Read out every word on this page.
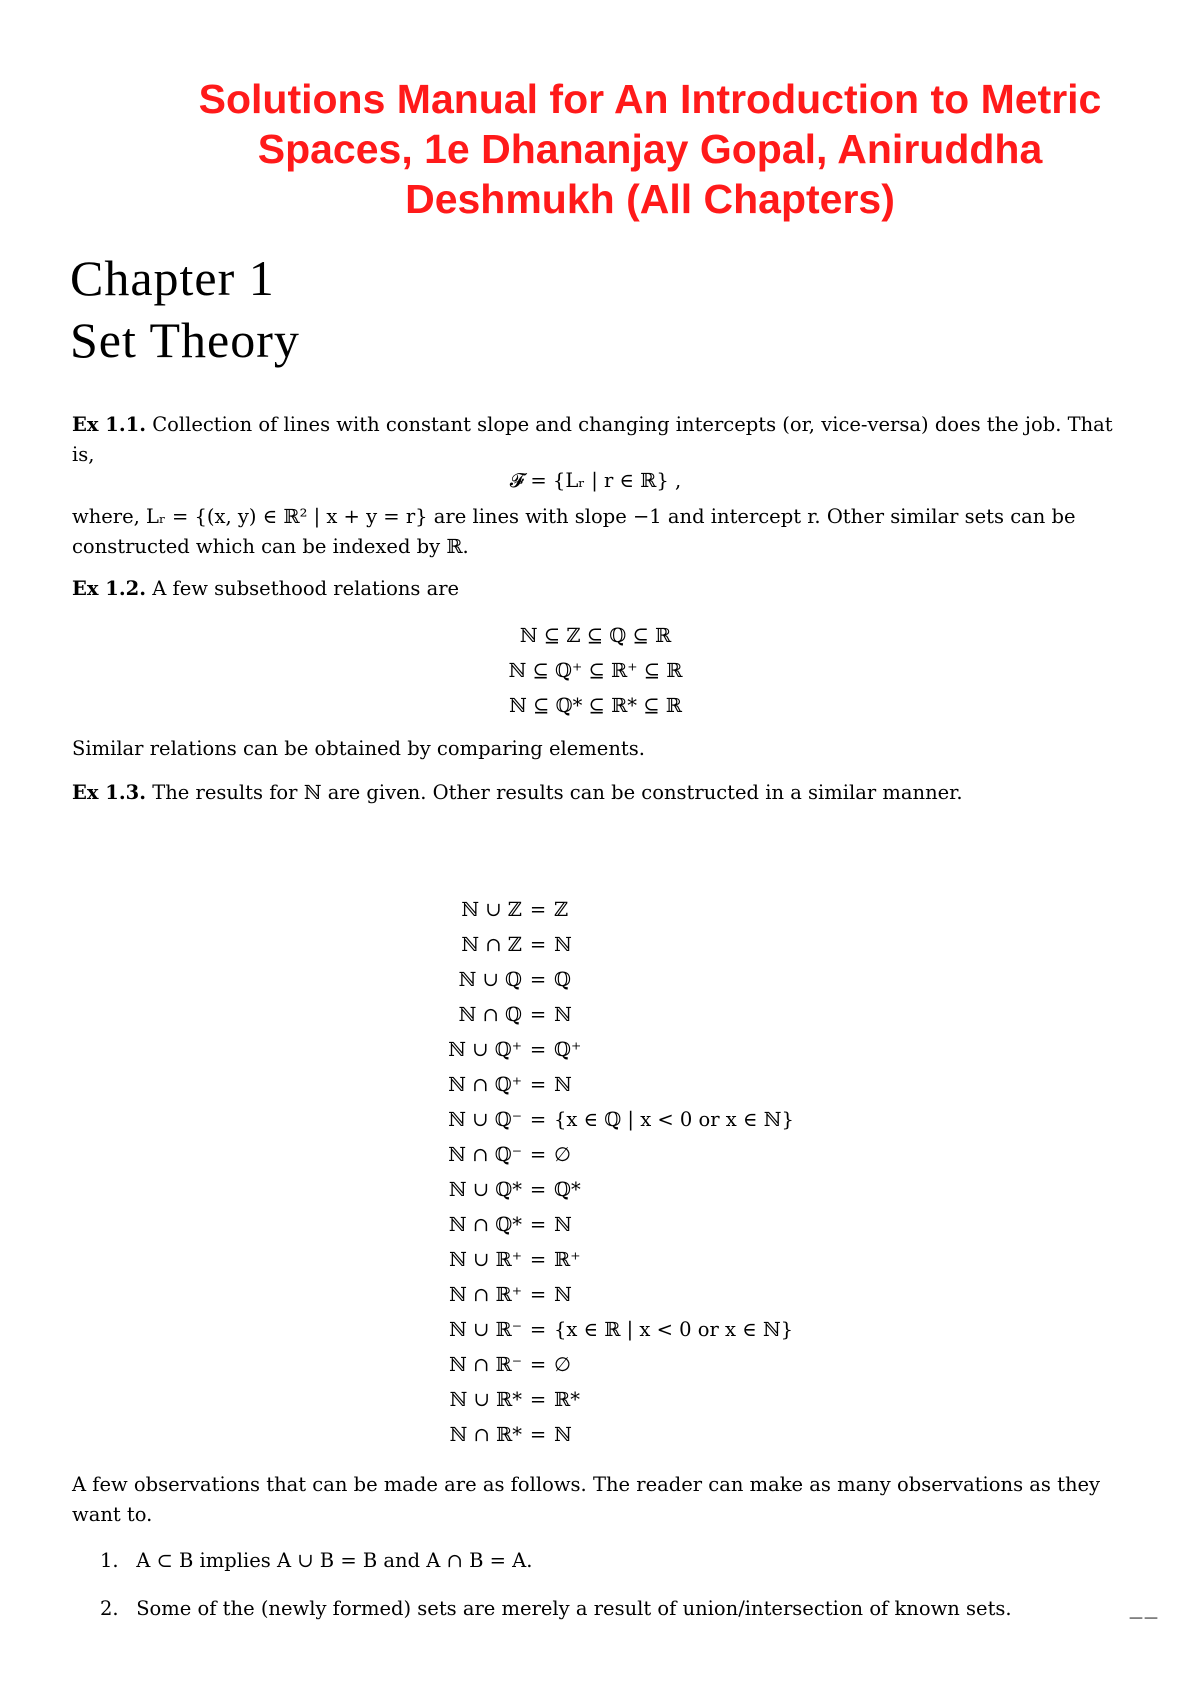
Solutions Manual for An Introduction to Metric
Spaces, 1e Dhananjay Gopal, Aniruddha
Deshmukh (All Chapters)
Chapter 1
Set Theory

Ex 1.1. Collection of lines with constant slope and changing intercepts (or, vice-versa) does the job. That is,

𝓕 = {Lᵣ | r ∈ ℝ} ,

where, Lᵣ = {(x, y) ∈ ℝ² | x + y = r} are lines with slope −1 and intercept r. Other similar sets can be constructed which can be indexed by ℝ.

Ex 1.2. A few subsethood relations are

ℕ ⊆ ℤ ⊆ ℚ ⊆ ℝ
ℕ ⊆ ℚ⁺ ⊆ ℝ⁺ ⊆ ℝ
ℕ ⊆ ℚ* ⊆ ℝ* ⊆ ℝ

Similar relations can be obtained by comparing elements.

Ex 1.3. The results for ℕ are given. Other results can be constructed in a similar manner.

ℕ ∪ ℤ = ℤ
ℕ ∩ ℤ = ℕ
ℕ ∪ ℚ = ℚ
ℕ ∩ ℚ = ℕ
ℕ ∪ ℚ⁺ = ℚ⁺
ℕ ∩ ℚ⁺ = ℕ
ℕ ∪ ℚ⁻ = {x ∈ ℚ | x < 0 or x ∈ ℕ}
ℕ ∩ ℚ⁻ = ∅
ℕ ∪ ℚ* = ℚ*
ℕ ∩ ℚ* = ℕ
ℕ ∪ ℝ⁺ = ℝ⁺
ℕ ∩ ℝ⁺ = ℕ
ℕ ∪ ℝ⁻ = {x ∈ ℝ | x < 0 or x ∈ ℕ}
ℕ ∩ ℝ⁻ = ∅
ℕ ∪ ℝ* = ℝ*
ℕ ∩ ℝ* = ℕ

A few observations that can be made are as follows. The reader can make as many observations as they want to.

1. A ⊂ B implies A ∪ B = B and A ∩ B = A.
2. Some of the (newly formed) sets are merely a result of union/intersection of known sets.	——
